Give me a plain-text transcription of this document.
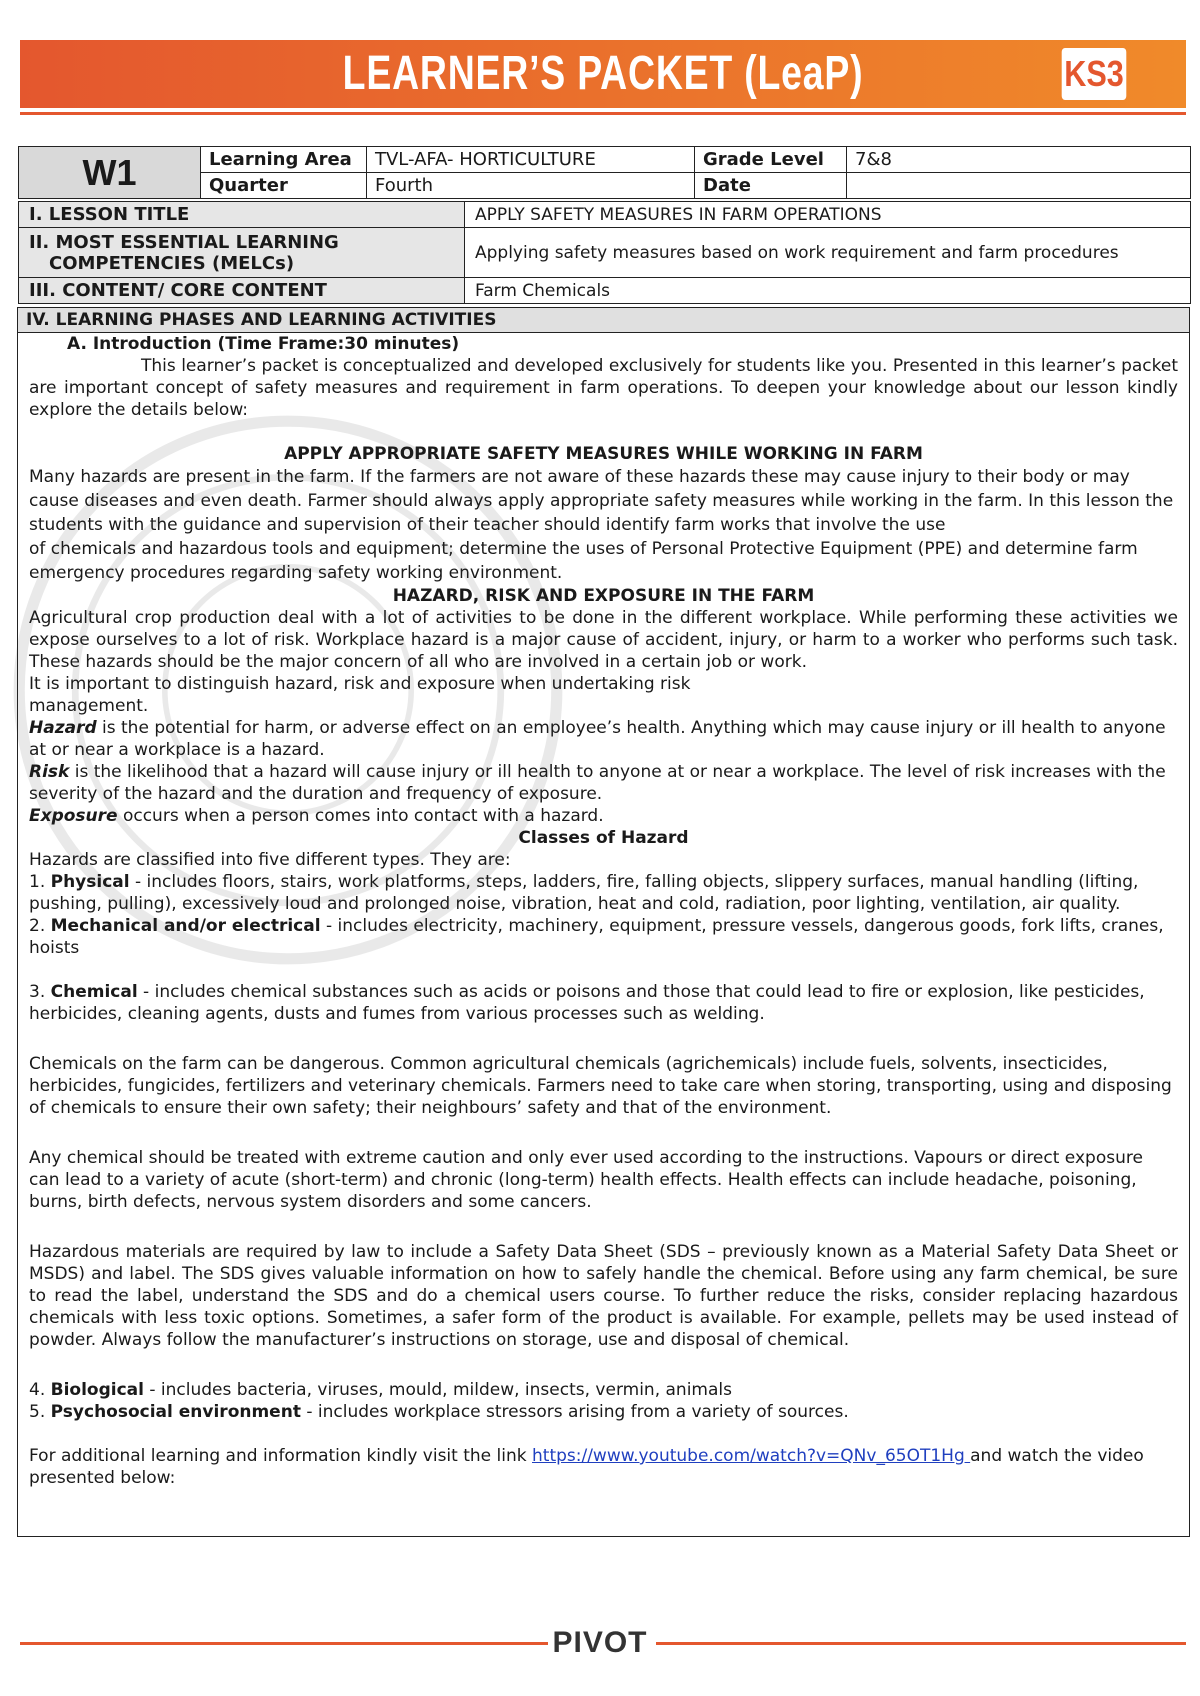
LEARNER’S PACKET (LeaP)	KS3
W1	Learning Area	TVL-AFA- HORTICULTURE	Grade Level	7&8
	Quarter	Fourth	Date	
I. LESSON TITLE	APPLY SAFETY MEASURES IN FARM OPERATIONS

II. MOST ESSENTIAL LEARNING
COMPETENCIES (MELCs)	Applying safety measures based on work requirement and farm procedures
III. CONTENT/ CORE CONTENT	Farm Chemicals
IV. LEARNING PHASES AND LEARNING ACTIVITIES

A. Introduction (Time Frame:30 minutes)

This learner’s packet is conceptualized and developed exclusively for students like you. Presented in this learner’s packet are important concept of safety measures and requirement in farm operations. To deepen your knowledge about our lesson kindly explore the details below:

APPLY APPROPRIATE SAFETY MEASURES WHILE WORKING IN FARM

Many hazards are present in the farm. If the farmers are not aware of these hazards these may cause injury to their body or may cause diseases and even death. Farmer should always apply appropriate safety measures while working in the farm. In this lesson the students with the guidance and supervision of their teacher should identify farm works that involve the use

of chemicals and hazardous tools and equipment; determine the uses of Personal Protective Equipment (PPE) and determine farm emergency procedures regarding safety working environment.

HAZARD, RISK AND EXPOSURE IN THE FARM

Agricultural crop production deal with a lot of activities to be done in the different workplace. While performing these activities we expose ourselves to a lot of risk. Workplace hazard is a major cause of accident, injury, or harm to a worker who performs such task. These hazards should be the major concern of all who are involved in a certain job or work.

It is important to distinguish hazard, risk and exposure when undertaking risk

management.

Hazard is the potential for harm, or adverse effect on an employee’s health. Anything which may cause injury or ill health to anyone at or near a workplace is a hazard.

Risk is the likelihood that a hazard will cause injury or ill health to anyone at or near a workplace. The level of risk increases with the severity of the hazard and the duration and frequency of exposure.

Exposure occurs when a person comes into contact with a hazard.

Classes of Hazard

Hazards are classified into five different types. They are:

1. Physical - includes floors, stairs, work platforms, steps, ladders, fire, falling objects, slippery surfaces, manual handling (lifting, pushing, pulling), excessively loud and prolonged noise, vibration, heat and cold, radiation, poor lighting, ventilation, air quality.

2. Mechanical and/or electrical - includes electricity, machinery, equipment, pressure vessels, dangerous goods, fork lifts, cranes, hoists

3. Chemical - includes chemical substances such as acids or poisons and those that could lead to fire or explosion, like pesticides, herbicides, cleaning agents, dusts and fumes from various processes such as welding.

Chemicals on the farm can be dangerous. Common agricultural chemicals (agrichemicals) include fuels, solvents, insecticides, herbicides, fungicides, fertilizers and veterinary chemicals. Farmers need to take care when storing, transporting, using and disposing of chemicals to ensure their own safety; their neighbours’ safety and that of the environment.

Any chemical should be treated with extreme caution and only ever used according to the instructions. Vapours or direct exposure can lead to a variety of acute (short-term) and chronic (long-term) health effects. Health effects can include headache, poisoning, burns, birth defects, nervous system disorders and some cancers.

Hazardous materials are required by law to include a Safety Data Sheet (SDS – previously known as a Material Safety Data Sheet or MSDS) and label. The SDS gives valuable information on how to safely handle the chemical. Before using any farm chemical, be sure to read the label, understand the SDS and do a chemical users course. To further reduce the risks, consider replacing hazardous chemicals with less toxic options. Sometimes, a safer form of the product is available. For example, pellets may be used instead of powder. Always follow the manufacturer’s instructions on storage, use and disposal of chemical.

4. Biological - includes bacteria, viruses, mould, mildew, insects, vermin, animals

5. Psychosocial environment - includes workplace stressors arising from a variety of sources.

For additional learning and information kindly visit the link https://www.youtube.com/watch?v=QNv_65OT1Hg and watch the video presented below:

PIVOT
